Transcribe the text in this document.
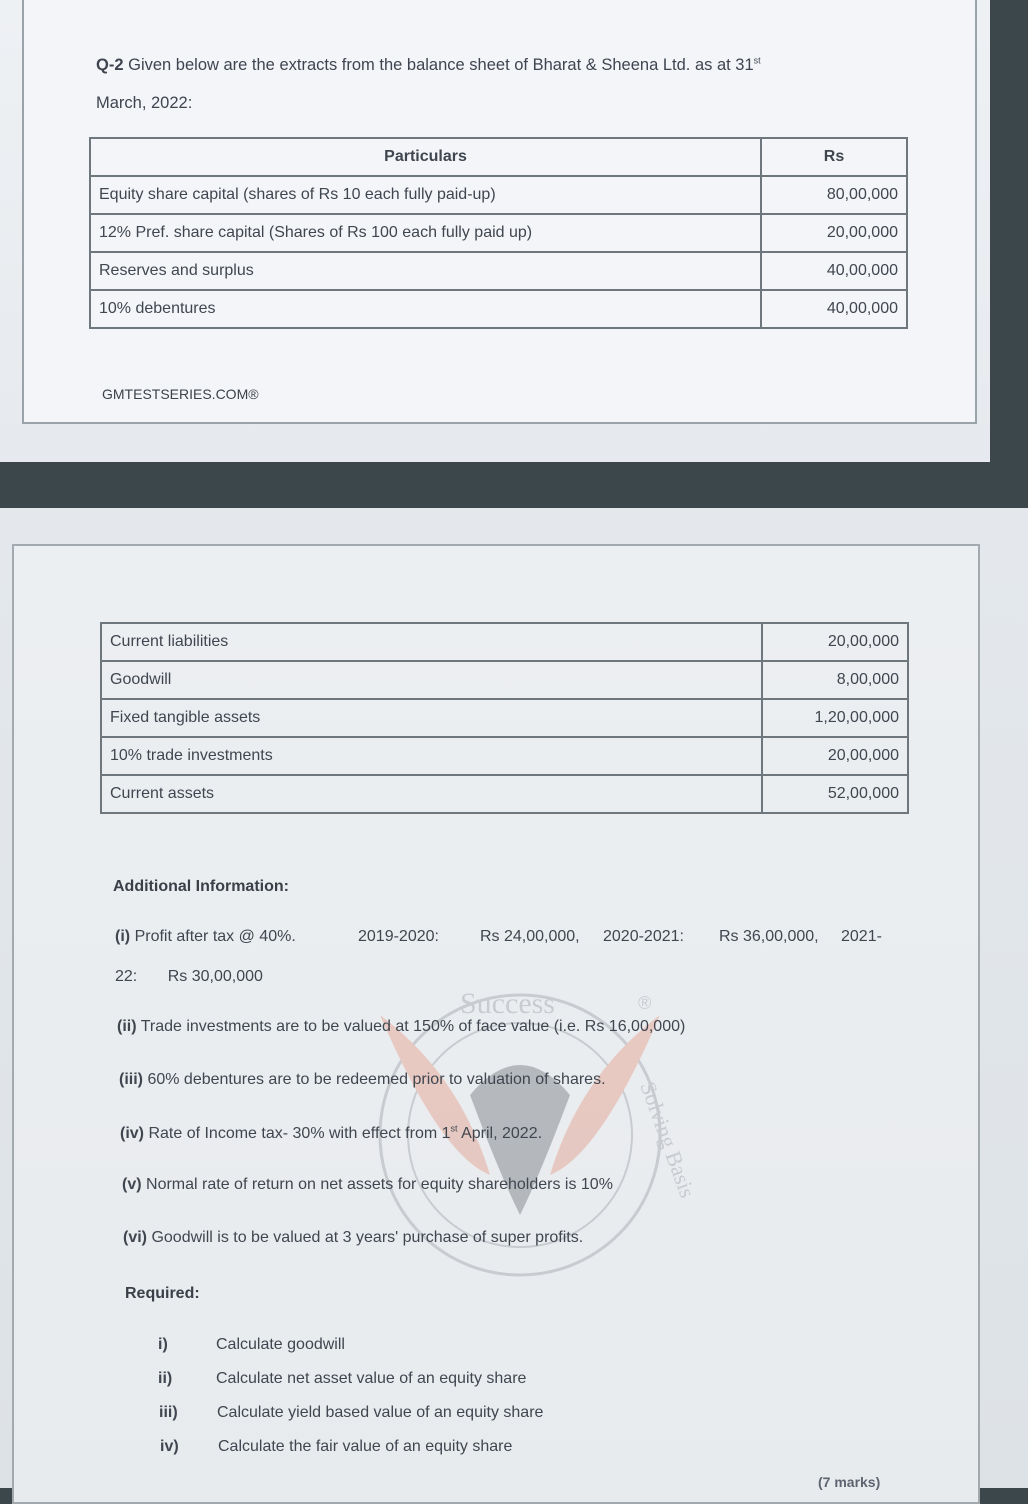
Q-2 Given below are the extracts from the balance sheet of Bharat & Sheena Ltd. as at 31st
March, 2022:
Particulars	Rs
Equity share capital (shares of Rs 10 each fully paid-up)	80,00,000
12% Pref. share capital (Shares of Rs 100 each fully paid up)	20,00,000
Reserves and surplus	40,00,000
10% debentures	40,00,000
GMTESTSERIES.COM®
Current liabilities	20,00,000
Goodwill	8,00,000
Fixed tangible assets	1,20,00,000
10% trade investments	20,00,000
Current assets	52,00,000
Success
Solving Basis
®
Additional Information:
(i) Profit after tax @ 40%.	2019-2020:	Rs 24,00,000, 2020-2021: Rs 36,00,000, 2021-
22: Rs 30,00,000
(ii) Trade investments are to be valued at 150% of face value (i.e. Rs 16,00,000)
(iii) 60% debentures are to be redeemed prior to valuation of shares.
(iv) Rate of Income tax- 30% with effect from 1st April, 2022.
(v) Normal rate of return on net assets for equity shareholders is 10%
(vi) Goodwill is to be valued at 3 years' purchase of super profits.
Required:
i)	Calculate goodwill
ii)	Calculate net asset value of an equity share
iii) Calculate yield based value of an equity share
iv) Calculate the fair value of an equity share
(7 marks)
